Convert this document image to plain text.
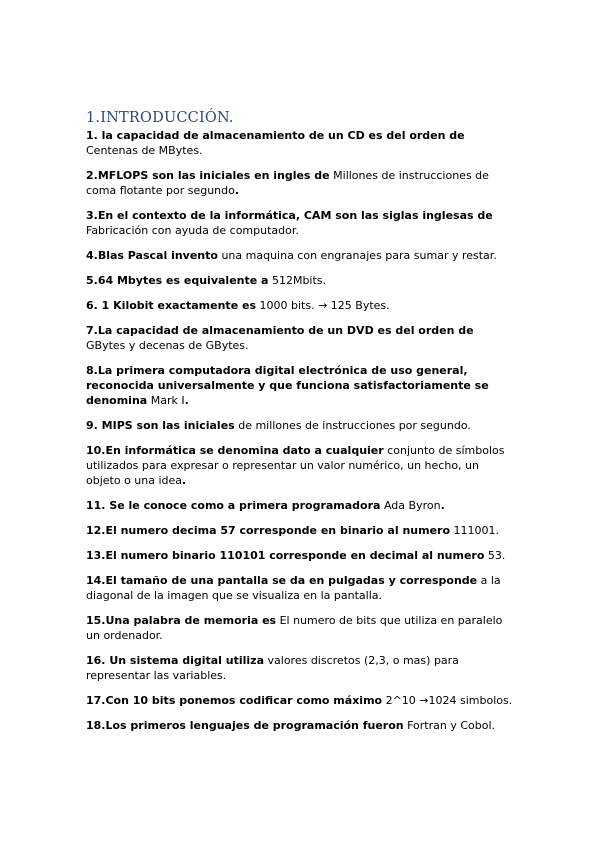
1.INTRODUCCIÓN.
1. la capacidad de almacenamiento de un CD es del orden de
Centenas de MBytes.
2.MFLOPS son las iniciales en ingles de Millones de instrucciones de coma flotante por segundo.
3.En el contexto de la informática, CAM son las siglas inglesas de
Fabricación con ayuda de computador.
4.Blas Pascal invento una maquina con engranajes para sumar y restar.
5.64 Mbytes es equivalente a 512Mbits.
6. 1 Kilobit exactamente es 1000 bits. → 125 Bytes.
7.La capacidad de almacenamiento de un DVD es del orden de
GBytes y decenas de GBytes.
8.La primera computadora digital electrónica de uso general, reconocida universalmente y que funciona satisfactoriamente se denomina Mark I.
9. MIPS son las iniciales de millones de instrucciones por segundo.
10.En informática se denomina dato a cualquier conjunto de símbolos utilizados para expresar o representar un valor numérico, un hecho, un objeto o una idea.
11. Se le conoce como a primera programadora Ada Byron.
12.El numero decima 57 corresponde en binario al numero 111001.
13.El numero binario 110101 corresponde en decimal al numero 53.
14.El tamaño de una pantalla se da en pulgadas y corresponde a la diagonal de la imagen que se visualiza en la pantalla.
15.Una palabra de memoria es El numero de bits que utiliza en paralelo un ordenador.
16. Un sistema digital utiliza valores discretos (2,3, o mas) para representar las variables.
17.Con 10 bits ponemos codificar como máximo 2^10 →1024 simbolos.
18.Los primeros lenguajes de programación fueron Fortran y Cobol.
